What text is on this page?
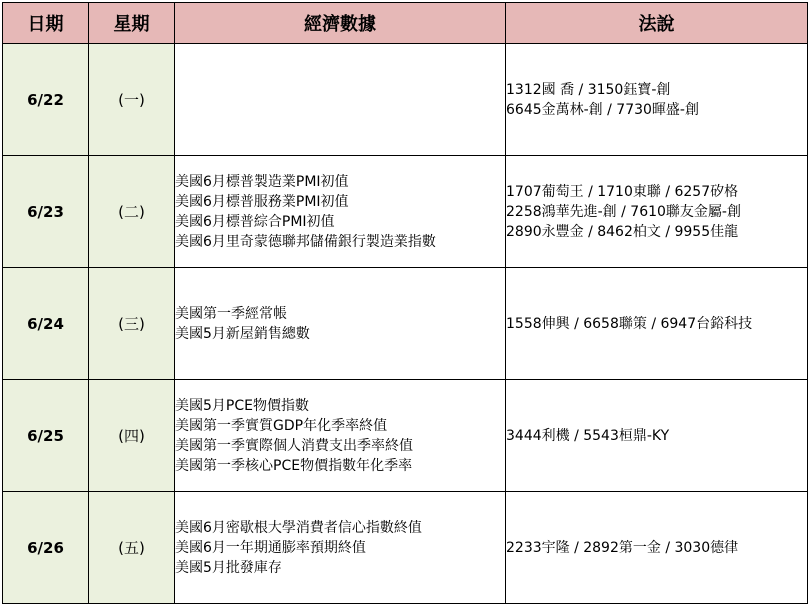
日期	星期	經濟數據	法說
6/22	(一)		1312國 喬 / 3150鈺寶-創
6645金萬林-創 / 7730暉盛-創

6/23	(二)	美國6月標普製造業PMI初值
美國6月標普服務業PMI初值
美國6月標普綜合PMI初值
美國6月里奇蒙德聯邦儲備銀行製造業指數	1707葡萄王 / 1710東聯 / 6257矽格
2258鴻華先進-創 / 7610聯友金屬-創
2890永豐金 / 8462柏文 / 9955佳龍

6/24	(三)	美國第一季經常帳
美國5月新屋銷售總數	1558伸興 / 6658聯策 / 6947台鋊科技

6/25	(四)	美國5月PCE物價指數
美國第一季實質GDP年化季率終值
美國第一季實際個人消費支出季率終值
美國第一季核心PCE物價指數年化季率	3444利機 / 5543桓鼎-KY

6/26	(五)	美國6月密歇根大學消費者信心指數終值
美國6月一年期通膨率預期終值
美國5月批發庫存	2233宇隆 / 2892第一金 / 3030德律
